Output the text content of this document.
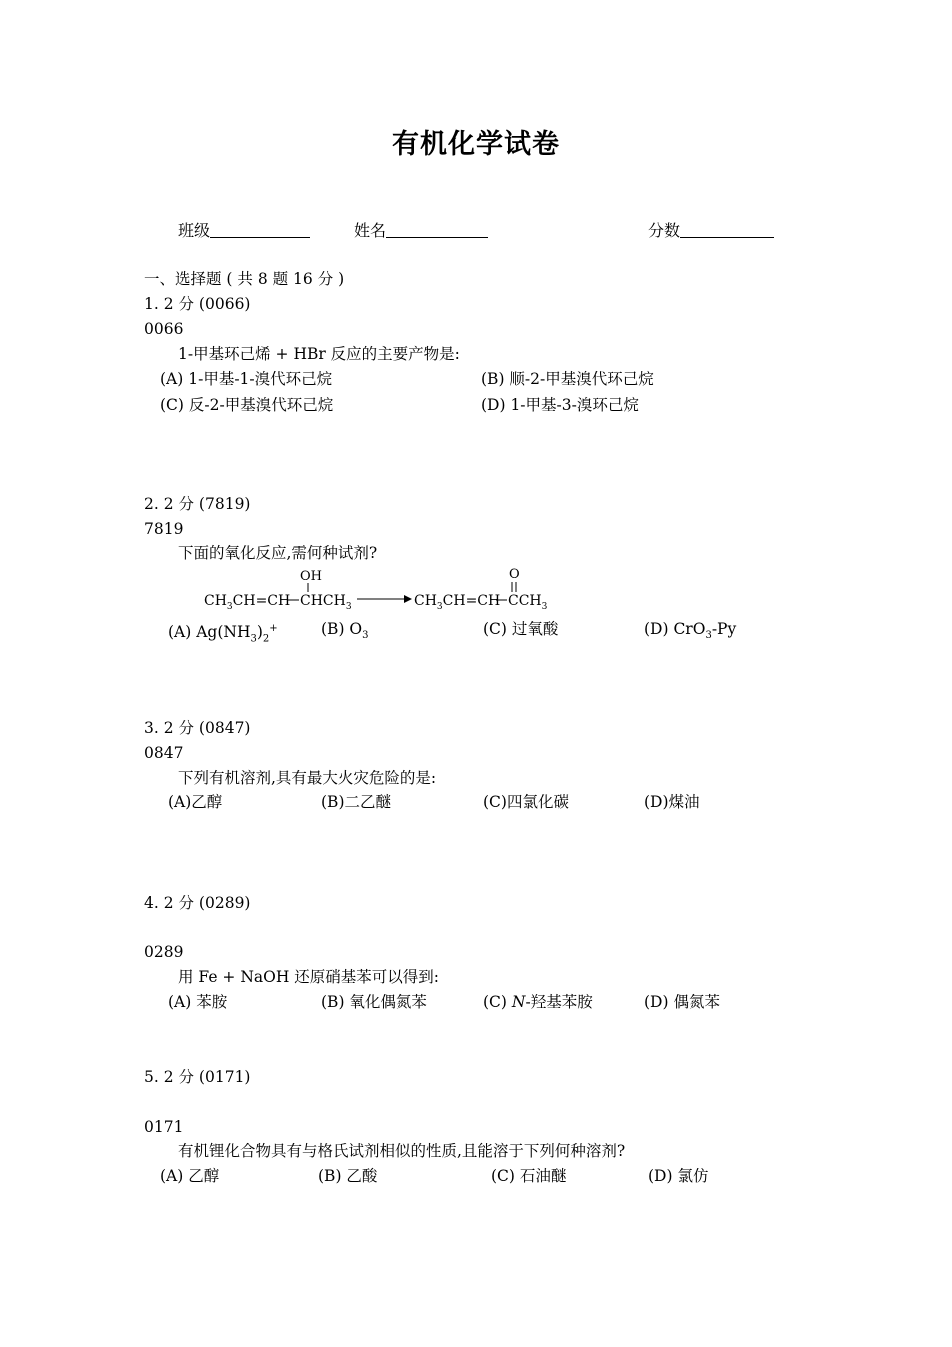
有机化学试卷
班级	姓名	分数
一、选择题 ( 共 8 题 16 分 )
1. 2 分 (0066)
0066
1-甲基环己烯 + HBr 反应的主要产物是:
(A) 1-甲基-1-溴代环己烷	(B) 顺-2-甲基溴代环己烷
(C) 反-2-甲基溴代环己烷	(D) 1-甲基-3-溴环己烷
2. 2 分 (7819)
7819
下面的氧化反应,需何种试剂?
OH
$CH_3CH=CH$ $CHCH_3$
O
$CH_3CH=CH$ $CCH_3$
(A) $Ag(NH_3)_2^+$	(B) $O_3$	(C) 过氧酸	(D) CrO$_3$-Py
3. 2 分 (0847)
0847
下列有机溶剂,具有最大火灾危险的是:
(A)乙醇	(B)二乙醚	(C)四氯化碳	(D)煤油
4. 2 分 (0289)
0289
用 Fe + NaOH 还原硝基苯可以得到:
(A) 苯胺	(B) 氧化偶氮苯	(C) N-羟基苯胺	(D) 偶氮苯
5. 2 分 (0171)
0171
有机锂化合物具有与格氏试剂相似的性质,且能溶于下列何种溶剂?
(A) 乙醇	(B) 乙酸	(C) 石油醚	(D) 氯仿
